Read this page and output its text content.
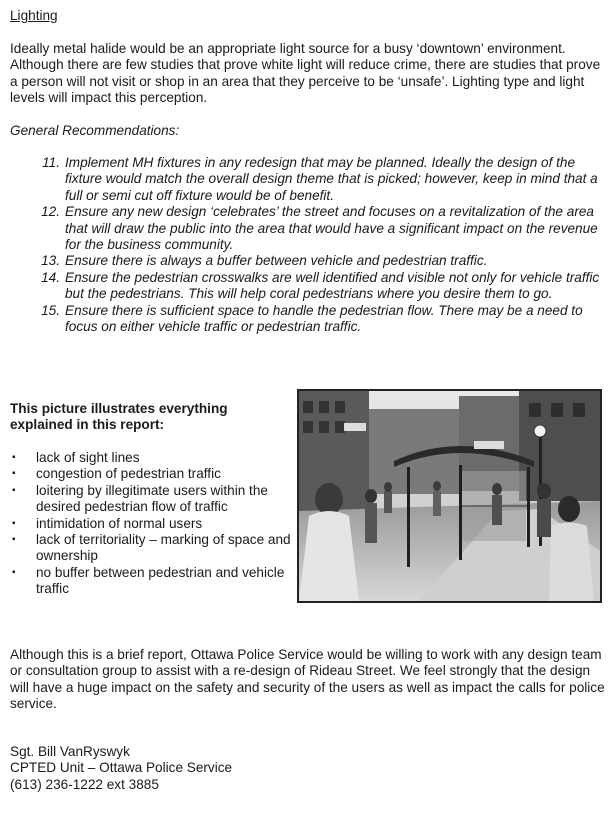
Lighting

Ideally metal halide would be an appropriate light source for a busy ‘downtown’ environment. Although there are few studies that prove white light will reduce crime, there are studies that prove a person will not visit or shop in an area that they perceive to be ‘unsafe’. Lighting type and light levels will impact this perception.

General Recommendations:

11. Implement MH fixtures in any redesign that may be planned. Ideally the design of the fixture would match the overall design theme that is picked; however, keep in mind that a full or semi cut off fixture would be of benefit.
12. Ensure any new design ‘celebrates’ the street and focuses on a revitalization of the area that will draw the public into the area that would have a significant impact on the revenue for the business community.
13. Ensure there is always a buffer between vehicle and pedestrian traffic.
14. Ensure the pedestrian crosswalks are well identified and visible not only for vehicle traffic but the pedestrians. This will help coral pedestrians where you desire them to go.
15. Ensure there is sufficient space to handle the pedestrian flow. There may be a need to focus on either vehicle traffic or pedestrian traffic.

This picture illustrates everything explained in this report:

▪	lack of sight lines
▪	congestion of pedestrian traffic
▪	loitering by illegitimate users within the desired pedestrian flow of traffic
▪	intimidation of normal users
▪	lack of territoriality – marking of space and ownership
▪	no buffer between pedestrian and vehicle traffic

Although this is a brief report, Ottawa Police Service would be willing to work with any design team or consultation group to assist with a re-design of Rideau Street. We feel strongly that the design will have a huge impact on the safety and security of the users as well as impact the calls for police service.

Sgt. Bill VanRyswyk
CPTED Unit – Ottawa Police Service
(613) 236-1222 ext 3885
